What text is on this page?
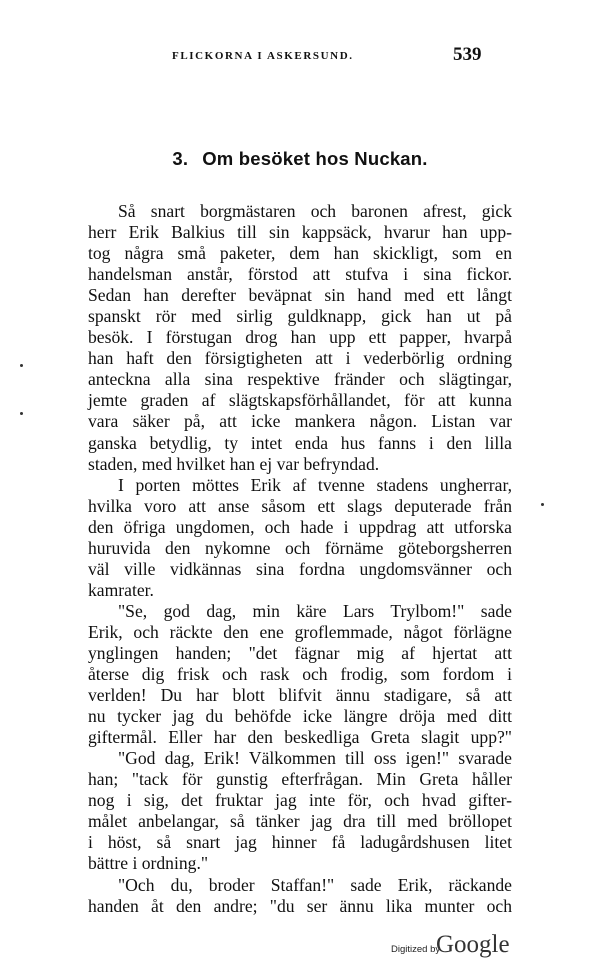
FLICKORNA I ASKERSUND.	539
3. Om besöket hos Nuckan.
Så snart borgmästaren och baronen afrest, gick
herr Erik Balkius till sin kappsäck, hvarur han upp-
tog några små paketer, dem han skickligt, som en
handelsman anstår, förstod att stufva i sina fickor.
Sedan han derefter beväpnat sin hand med ett långt
spanskt rör med sirlig guldknapp, gick han ut på
besök. I förstugan drog han upp ett papper, hvarpå
han haft den försigtigheten att i vederbörlig ordning
anteckna alla sina respektive fränder och slägtingar,
jemte graden af slägtskapsförhållandet, för att kunna
vara säker på, att icke mankera någon. Listan var
ganska betydlig, ty intet enda hus fanns i den lilla
staden, med hvilket han ej var befryndad.
I porten möttes Erik af tvenne stadens ungherrar,
hvilka voro att anse såsom ett slags deputerade från
den öfriga ungdomen, och hade i uppdrag att utforska
huruvida den nykomne och förnäme göteborgsherren
väl ville vidkännas sina fordna ungdomsvänner och
kamrater.
"Se, god dag, min käre Lars Trylbom!" sade
Erik, och räckte den ene groflemmade, något förlägne
ynglingen handen; "det fägnar mig af hjertat att
återse dig frisk och rask och frodig, som fordom i
verlden! Du har blott blifvit ännu stadigare, så att
nu tycker jag du behöfde icke längre dröja med ditt
giftermål. Eller har den beskedliga Greta slagit upp?"
"God dag, Erik! Välkommen till oss igen!" svarade
han; "tack för gunstig efterfrågan. Min Greta håller
nog i sig, det fruktar jag inte för, och hvad gifter-
målet anbelangar, så tänker jag dra till med bröllopet
i höst, så snart jag hinner få ladugårdshusen litet
bättre i ordning."
"Och du, broder Staffan!" sade Erik, räckande
handen åt den andre; "du ser ännu lika munter och
Digitized by
Google
